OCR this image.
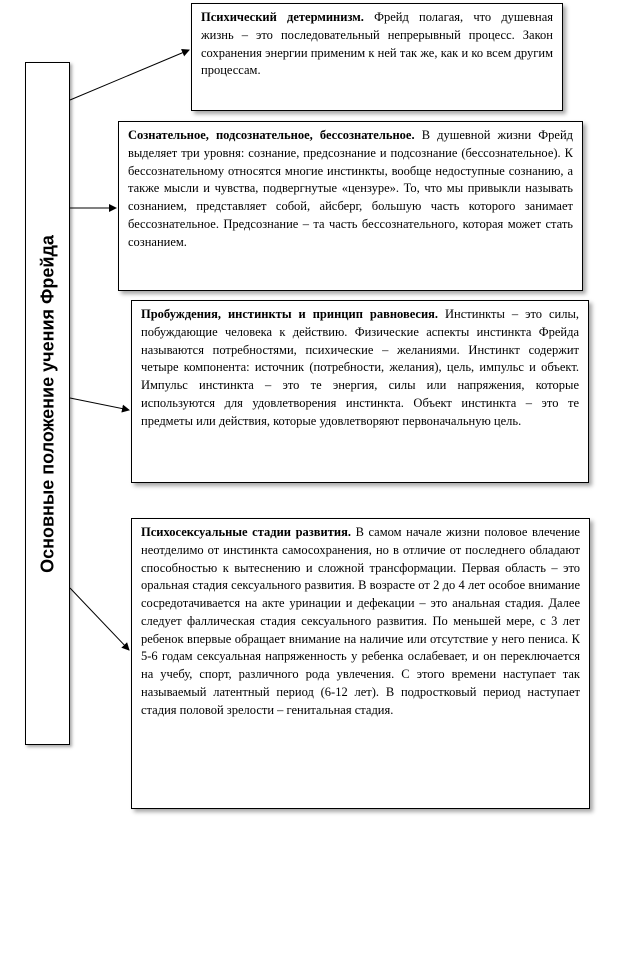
Основные положение учения Фрейда
Психический детерминизм. Фрейд полагая, что душевная жизнь – это последовательный непрерывный процесс. Закон сохранения энергии применим к ней так же, как и ко всем другим процессам.
Сознательное, подсознательное, бессознательное. В душевной жизни Фрейд выделяет три уровня: сознание, предсознание и подсознание (бессознательное). К бессознательному относятся многие инстинкты, вообще недоступные сознанию, а также мысли и чувства, подвергнутые «цензуре». То, что мы привыкли называть сознанием, представляет собой, айсберг, большую часть которого занимает бессознательное. Предсознание – та часть бессознательного, которая может стать сознанием.
Пробуждения, инстинкты и принцип равновесия. Инстинкты – это силы, побуждающие человека к действию. Физические аспекты инстинкта Фрейда называются потребностями, психические – желаниями. Инстинкт содержит четыре компонента: источник (потребности, желания), цель, импульс и объект. Импульс инстинкта – это те энергия, силы или напряжения, которые используются для удовлетворения инстинкта. Объект инстинкта – это те предметы или действия, которые удовлетворяют первоначальную цель.
Психосексуальные стадии развития. В самом начале жизни половое влечение неотделимо от инстинкта самосохранения, но в отличие от последнего обладают способностью к вытеснению и сложной трансформации. Первая область – это оральная стадия сексуального развития. В возрасте от 2 до 4 лет особое внимание сосредотачивается на акте уринации и дефекации – это анальная стадия. Далее следует фаллическая стадия сексуального развития. По меньшей мере, с 3 лет ребенок впервые обращает внимание на наличие или отсутствие у него пениса. К 5-6 годам сексуальная напряженность у ребенка ослабевает, и он переключается на учебу, спорт, различного рода увлечения. С этого времени наступает так называемый латентный период (6-12 лет). В подростковый период наступает стадия половой зрелости – генитальная стадия.
